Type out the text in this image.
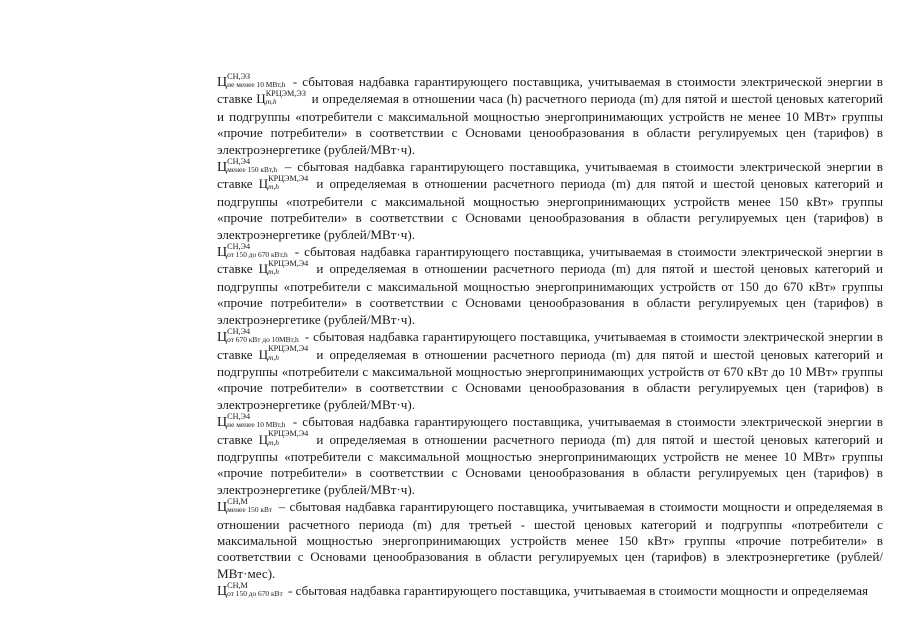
Ц СН,ЭЗ
не менее 10 МВт,h - сбытовая надбавка гарантирующего поставщика, учитываемая в стоимости электрической энергии в ставке Ц КРЦЭМ,ЭЗ
m,h	и определяемая в отношении часа (h) расчетного периода (m) для пятой и шестой ценовых категорий и подгруппы «потребители с максимальной мощностью энергопринимающих устройств не менее 10 МВт» группы «прочие потребители» в соответствии с Основами ценообразования в области регулируемых цен (тарифов) в электроэнергетике (рублей/МВт·ч).

Ц СН,Э4
менее 150 кВт,h – сбытовая надбавка гарантирующего поставщика, учитываемая в стоимости электрической энергии в ставке Ц КРЦЭМ,Э4
m,h	и определяемая в отношении расчетного периода (m) для пятой и шестой ценовых категорий и подгруппы «потребители с максимальной мощностью энергопринимающих устройств менее 150 кВт» группы «прочие потребители» в соответствии с Основами ценообразования в области регулируемых цен (тарифов) в электроэнергетике (рублей/МВт·ч).

Ц СН,Э4
от 150 до 670 кВт,h - сбытовая надбавка гарантирующего поставщика, учитываемая в стоимости электрической энергии в ставке Ц КРЦЭМ,Э4
m,h	и определяемая в отношении расчетного периода (m) для пятой и шестой ценовых категорий и подгруппы «потребители с максимальной мощностью энергопринимающих устройств от 150 до 670 кВт» группы «прочие потребители» в соответствии с Основами ценообразования в области регулируемых цен (тарифов) в электроэнергетике (рублей/МВт·ч).

Ц СН,Э4
от 670 кВт до 10МВт,h - сбытовая надбавка гарантирующего поставщика, учитываемая в стоимости электрической энергии в ставке Ц КРЦЭМ,Э4
m,h	и определяемая в отношении расчетного периода (m) для пятой и шестой ценовых категорий и подгруппы «потребители с максимальной мощностью энергопринимающих устройств от 670 кВт до 10 МВт» группы «прочие потребители» в соответствии с Основами ценообразования в области регулируемых цен (тарифов) в электроэнергетике (рублей/МВт·ч).

Ц СН,Э4
не менее 10 МВт,h - сбытовая надбавка гарантирующего поставщика, учитываемая в стоимости электрической энергии в ставке Ц КРЦЭМ,Э4
m,h	и определяемая в отношении расчетного периода (m) для пятой и шестой ценовых категорий и подгруппы «потребители с максимальной мощностью энергопринимающих устройств не менее 10 МВт» группы «прочие потребители» в соответствии с Основами ценообразования в области регулируемых цен (тарифов) в электроэнергетике (рублей/МВт·ч).

Ц СН,М
менее 150 кВт – сбытовая надбавка гарантирующего поставщика, учитываемая в стоимости мощности и определяемая в отношении расчетного периода (m) для третьей - шестой ценовых категорий и подгруппы «потребители с максимальной мощностью энергопринимающих устройств менее 150 кВт» группы «прочие потребители» в соответствии с Основами ценообразования в области регулируемых цен (тарифов) в электроэнергетике (рублей/МВт·мес).

Ц СН,М
от 150 до 670 кВт - сбытовая надбавка гарантирующего поставщика, учитываемая в стоимости мощности и определяемая
